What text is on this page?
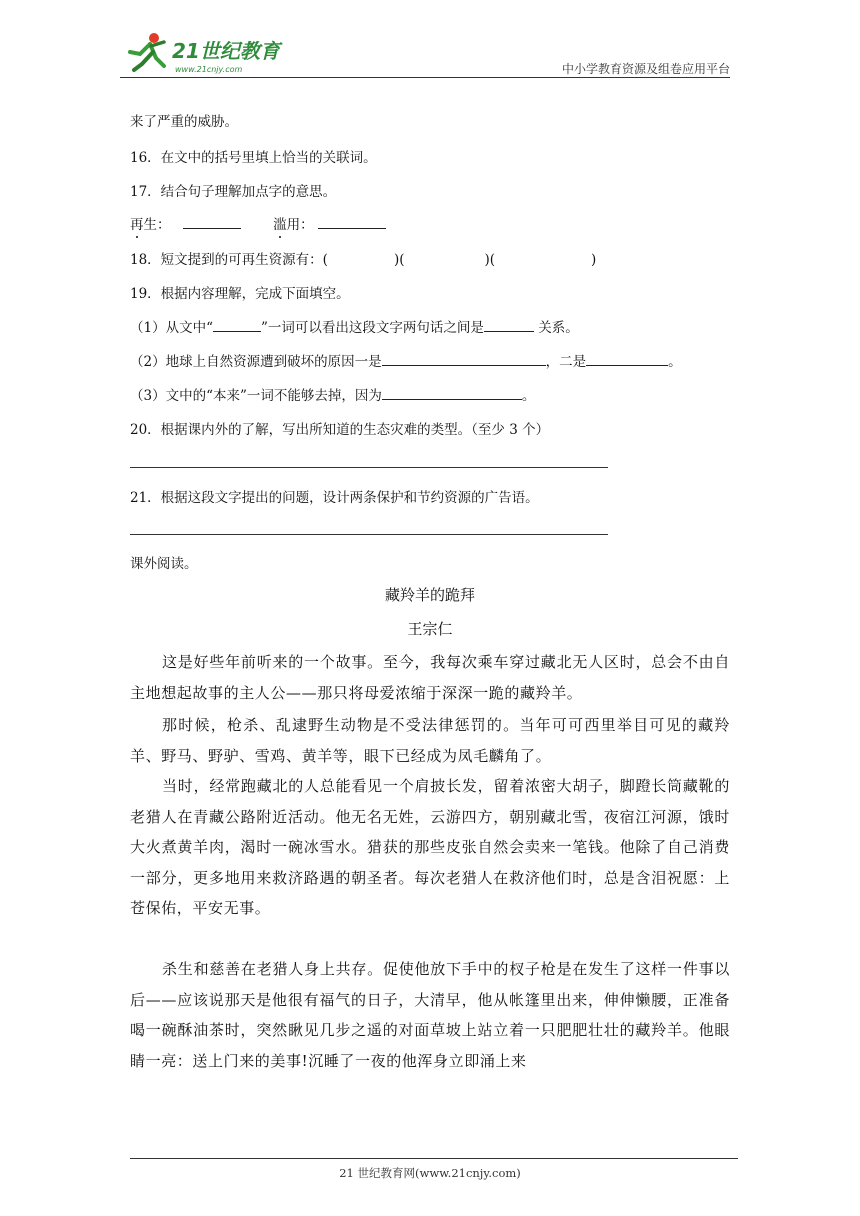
21世纪教育
www.21cnjy.com	中小学教育资源及组卷应用平台
来了严重的威胁。
16．在文中的括号里填上恰当的关联词。
17．结合句子理解加点字的意思。
再生：	滥用：
18．短文提到的可再生资源有：(	)(	)(	)
19．根据内容理解，完成下面填空。
（1）从文中“	”一词可以看出这段文字两句话之间是	关系。
（2）地球上自然资源遭到破坏的原因一是	，二是	。
（3）文中的“本来”一词不能够去掉，因为	。
20．根据课内外的了解，写出所知道的生态灾难的类型。（至少 3 个）
21．根据这段文字提出的问题，设计两条保护和节约资源的广告语。
课外阅读。
藏羚羊的跪拜
王宗仁
这是好些年前听来的一个故事。至今，我每次乘车穿过藏北无人区时，总会不由自主地想起故事的主人公——那只将母爱浓缩于深深一跪的藏羚羊。
那时候，枪杀、乱逮野生动物是不受法律惩罚的。当年可可西里举目可见的藏羚羊、野马、野驴、雪鸡、黄羊等，眼下已经成为凤毛麟角了。
当时，经常跑藏北的人总能看见一个肩披长发，留着浓密大胡子，脚蹬长筒藏靴的老猎人在青藏公路附近活动。他无名无姓，云游四方，朝别藏北雪，夜宿江河源，饿时大火煮黄羊肉，渴时一碗冰雪水。猎获的那些皮张自然会卖来一笔钱。他除了自己消费一部分，更多地用来救济路遇的朝圣者。每次老猎人在救济他们时，总是含泪祝愿：上苍保佑，平安无事。
杀生和慈善在老猎人身上共存。促使他放下手中的杈子枪是在发生了这样一件事以后——应该说那天是他很有福气的日子，大清早，他从帐篷里出来，伸伸懒腰，正准备喝一碗酥油茶时，突然瞅见几步之遥的对面草坡上站立着一只肥肥壮壮的藏羚羊。他眼睛一亮：送上门来的美事!沉睡了一夜的他浑身立即涌上来
21 世纪教育网(www.21cnjy.com)
